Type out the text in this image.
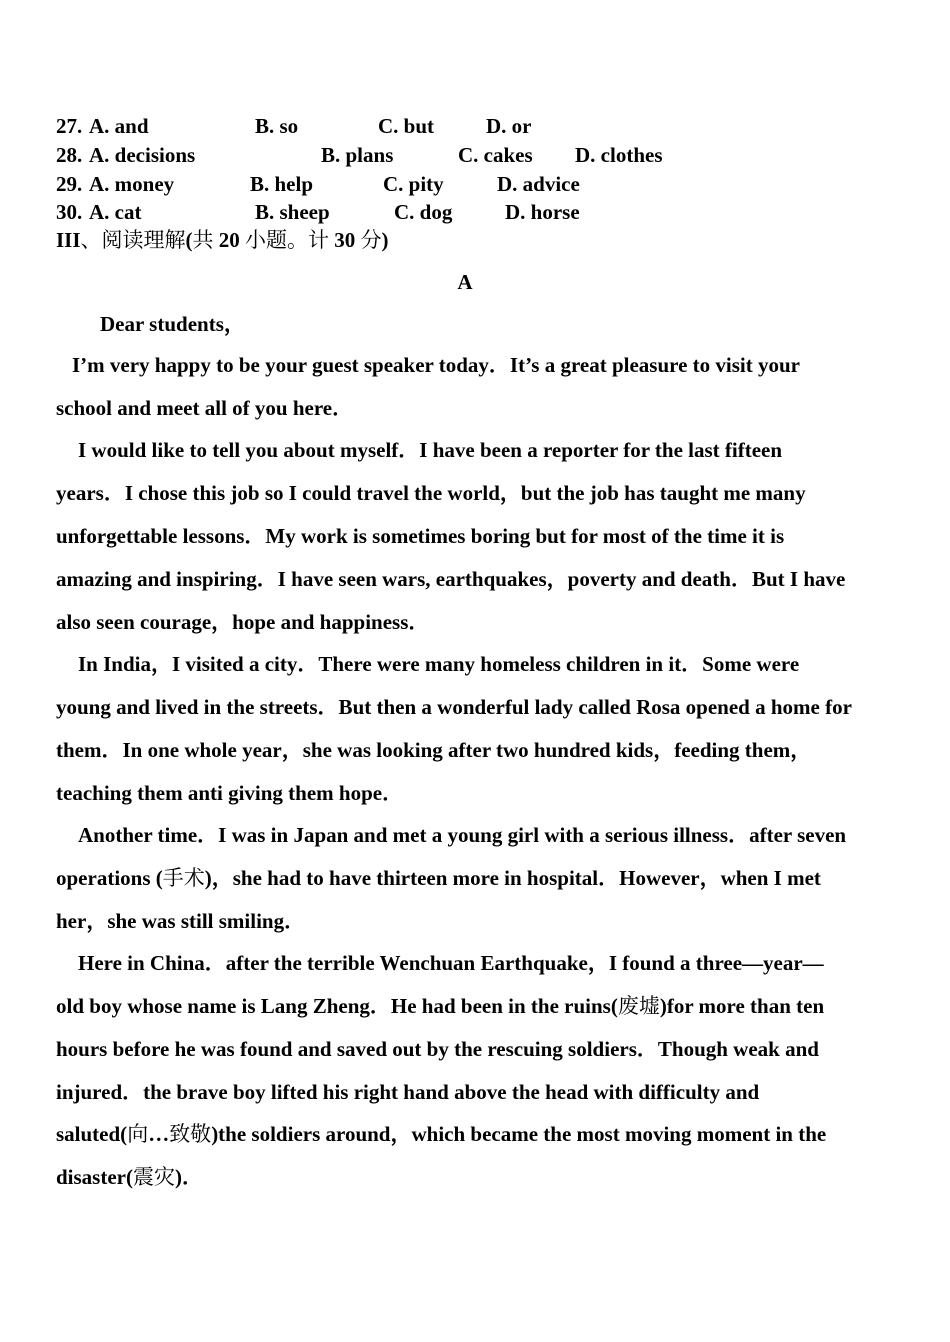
27. A. and	B. so	C. but D. or
28. A. decisions	B. plans	C. cakes D. clothes
29. A. money	B. help	C. pity	D. advice
30. A. cat	B. sheep	C. dog	D. horse
III、阅读理解(共 20 小题。计 30 分)
A
Dear students，
I’m very happy to be your guest speaker today．It’s a great pleasure to visit your
school and meet all of you here．
I would like to tell you about myself．I have been a reporter for the last fifteen
years．I chose this job so I could travel the world，but the job has taught me many
unforgettable lessons．My work is sometimes boring but for most of the time it is
amazing and inspiring．I have seen wars, earthquakes，poverty and death．But I have
also seen courage，hope and happiness．
In India，I visited a city．There were many homeless children in it．Some were
young and lived in the streets．But then a wonderful lady called Rosa opened a home for
them．In one whole year，she was looking after two hundred kids，feeding them，
teaching them anti giving them hope．
Another time．I was in Japan and met a young girl with a serious illness．after seven
operations (手术)，she had to have thirteen more in hospital．However，when I met
her，she was still smiling．
Here in China．after the terrible Wenchuan Earthquake，I found a three—year—
old boy whose name is Lang Zheng．He had been in the ruins(废墟)for more than ten
hours before he was found and saved out by the rescuing soldiers．Though weak and
injured．the brave boy lifted his right hand above the head with difficulty and
saluted(向…致敬)the soldiers around，which became the most moving moment in the
disaster(震灾)．
